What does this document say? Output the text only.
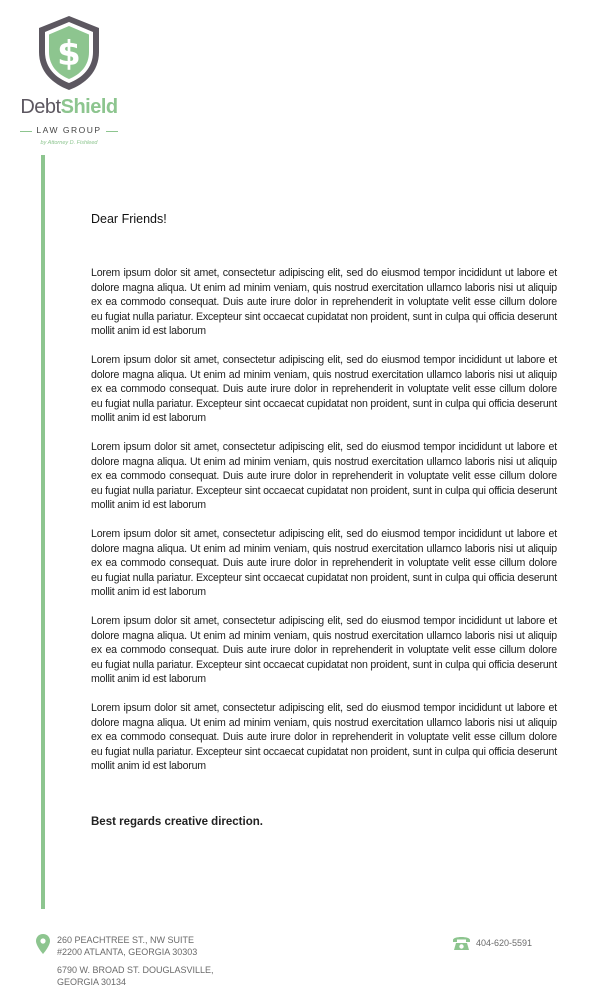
$
DebtShield
LAW GROUP
by Attorney D. Fishleed

Dear Friends!

Lorem ipsum dolor sit amet, consectetur adipiscing elit, sed do eiusmod tempor incididunt ut labore et dolore magna aliqua. Ut enim ad minim veniam, quis nostrud exercitation ullamco laboris nisi ut aliquip ex ea commodo consequat. Duis aute irure dolor in reprehenderit in voluptate velit esse cillum dolore eu fugiat nulla pariatur. Excepteur sint occaecat cupidatat non proident, sunt in culpa qui officia deserunt mollit anim id est laborum

Lorem ipsum dolor sit amet, consectetur adipiscing elit, sed do eiusmod tempor incididunt ut labore et dolore magna aliqua. Ut enim ad minim veniam, quis nostrud exercitation ullamco laboris nisi ut aliquip ex ea commodo consequat. Duis aute irure dolor in reprehenderit in voluptate velit esse cillum dolore eu fugiat nulla pariatur. Excepteur sint occaecat cupidatat non proident, sunt in culpa qui officia deserunt mollit anim id est laborum

Lorem ipsum dolor sit amet, consectetur adipiscing elit, sed do eiusmod tempor incididunt ut labore et dolore magna aliqua. Ut enim ad minim veniam, quis nostrud exercitation ullamco laboris nisi ut aliquip ex ea commodo consequat. Duis aute irure dolor in reprehenderit in voluptate velit esse cillum dolore eu fugiat nulla pariatur. Excepteur sint occaecat cupidatat non proident, sunt in culpa qui officia deserunt mollit anim id est laborum

Lorem ipsum dolor sit amet, consectetur adipiscing elit, sed do eiusmod tempor incididunt ut labore et dolore magna aliqua. Ut enim ad minim veniam, quis nostrud exercitation ullamco laboris nisi ut aliquip ex ea commodo consequat. Duis aute irure dolor in reprehenderit in voluptate velit esse cillum dolore eu fugiat nulla pariatur. Excepteur sint occaecat cupidatat non proident, sunt in culpa qui officia deserunt mollit anim id est laborum

Lorem ipsum dolor sit amet, consectetur adipiscing elit, sed do eiusmod tempor incididunt ut labore et dolore magna aliqua. Ut enim ad minim veniam, quis nostrud exercitation ullamco laboris nisi ut aliquip ex ea commodo consequat. Duis aute irure dolor in reprehenderit in voluptate velit esse cillum dolore eu fugiat nulla pariatur. Excepteur sint occaecat cupidatat non proident, sunt in culpa qui officia deserunt mollit anim id est laborum

Lorem ipsum dolor sit amet, consectetur adipiscing elit, sed do eiusmod tempor incididunt ut labore et dolore magna aliqua. Ut enim ad minim veniam, quis nostrud exercitation ullamco laboris nisi ut aliquip ex ea commodo consequat. Duis aute irure dolor in reprehenderit in voluptate velit esse cillum dolore eu fugiat nulla pariatur. Excepteur sint occaecat cupidatat non proident, sunt in culpa qui officia deserunt mollit anim id est laborum

Best regards creative direction.

260 PEACHTREE ST., NW SUITE
#2200 ATLANTA, GEORGIA 30303
6790 W. BROAD ST. DOUGLASVILLE,
GEORGIA 30134
404-620-5591
